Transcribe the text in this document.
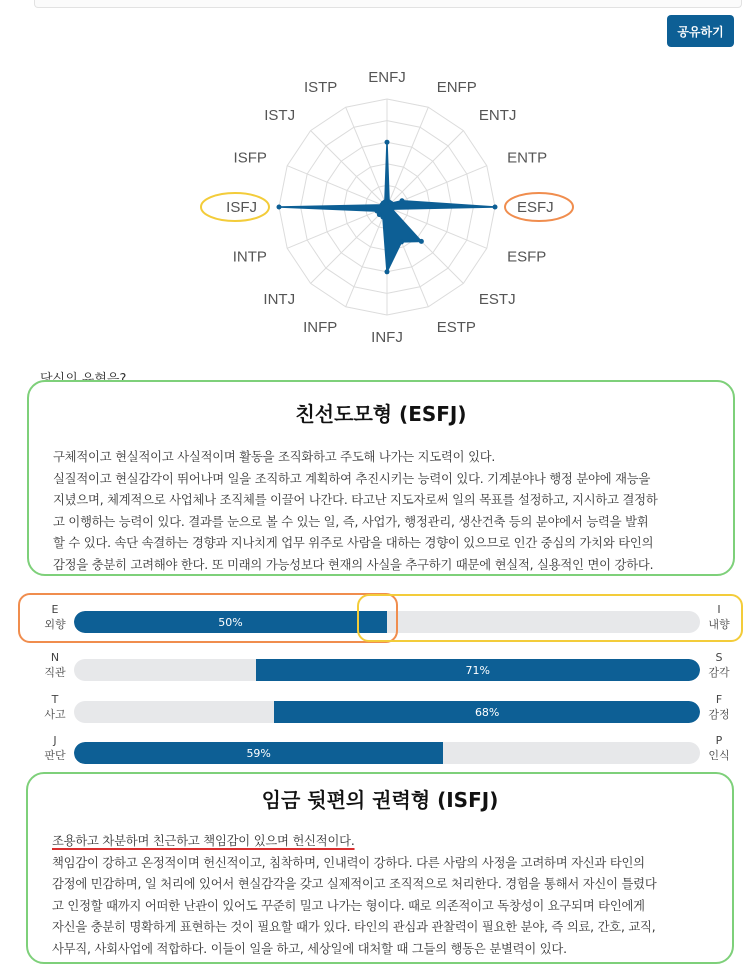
공유하기
ENFJ
ENFP
ENTJ
ENTP
ESFJ
ESFP
ESTJ
ESTP
INFJ
INFP
INTJ
INTP
ISFJ
ISFP
ISTJ
ISTP
친선도모형 (ESFJ)
구체적이고 현실적이고 사실적이며 활동을 조직화하고 주도해 나가는 지도력이 있다.
실질적이고 현실감각이 뛰어나며 일을 조직하고 계획하여 추진시키는 능력이 있다. 기계분야나 행정 분야에 재능을
지녔으며, 체계적으로 사업체나 조직체를 이끌어 나간다. 타고난 지도자로써 일의 목표를 설정하고, 지시하고 결정하
고 이행하는 능력이 있다. 결과를 눈으로 볼 수 있는 일, 즉, 사업가, 행정관리, 생산건축 등의 분야에서 능력을 발휘
할 수 있다. 속단 속결하는 경향과 지나치게 업무 위주로 사람을 대하는 경향이 있으므로 인간 중심의 가치와 타인의
감정을 충분히 고려해야 한다. 또 미래의 가능성보다 현재의 사실을 추구하기 때문에 현실적, 실용적인 면이 강하다.
E
외향	50%
I
내향
N
직관	71%
S
감각
T
사고	68%
F
감정
J
판단	59%
P
인식
임금 뒷편의 권력형 (ISFJ)
조용하고 차분하며 친근하고 책임감이 있으며 헌신적이다.
책임감이 강하고 온정적이며 헌신적이고, 침착하며, 인내력이 강하다. 다른 사람의 사정을 고려하며 자신과 타인의
감정에 민감하며, 일 처리에 있어서 현실감각을 갖고 실제적이고 조직적으로 처리한다. 경험을 통해서 자신이 틀렸다
고 인정할 때까지 어떠한 난관이 있어도 꾸준히 밀고 나가는 형이다. 때로 의존적이고 독창성이 요구되며 타인에게
자신을 충분히 명확하게 표현하는 것이 필요할 때가 있다. 타인의 관심과 관찰력이 필요한 분야, 즉 의료, 간호, 교직,
사무직, 사회사업에 적합하다. 이들이 일을 하고, 세상일에 대처할 때 그들의 행동은 분별력이 있다.
